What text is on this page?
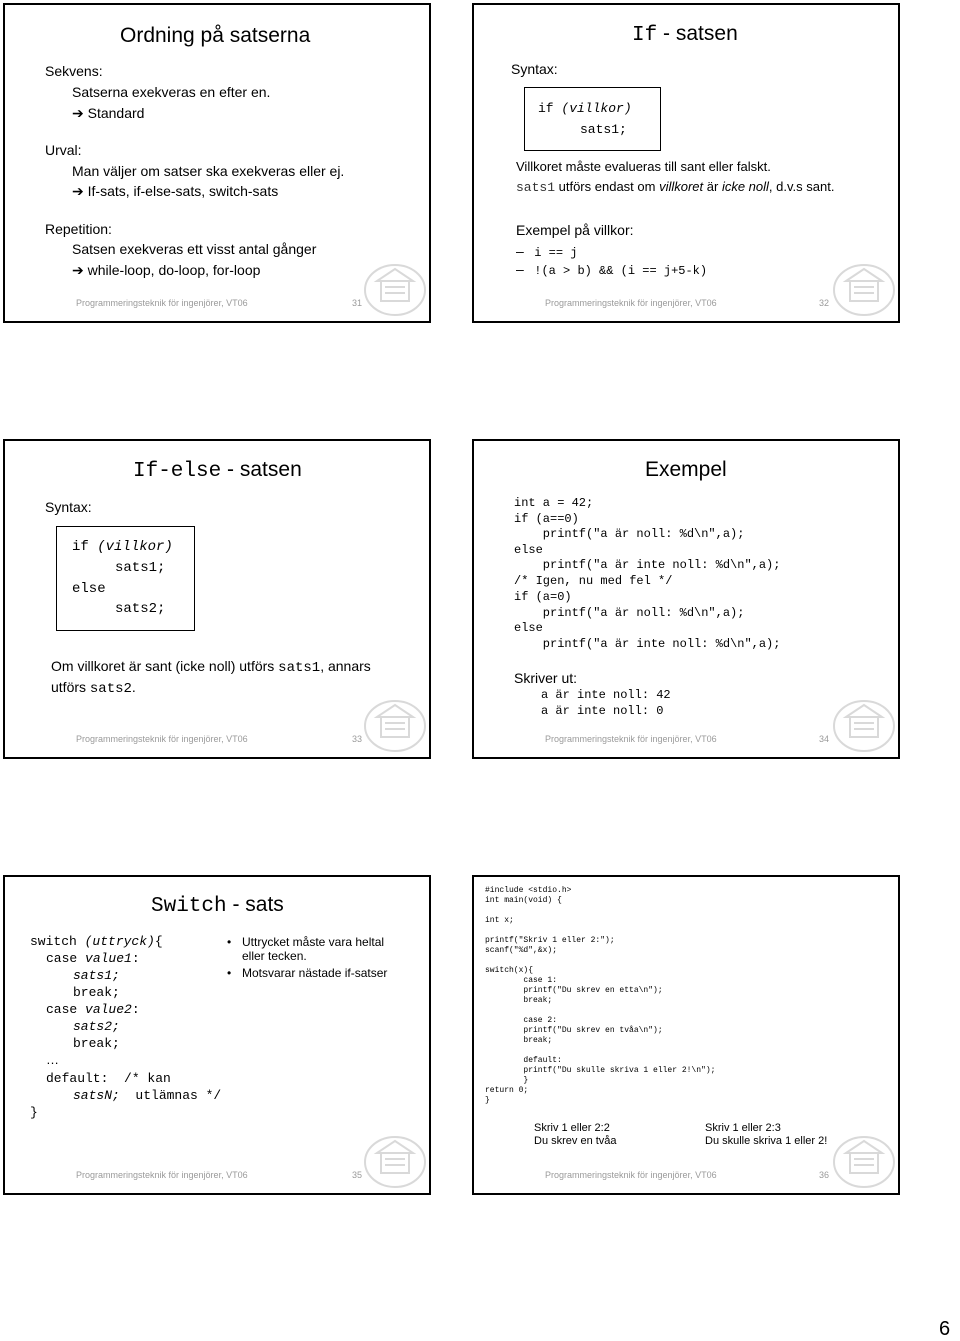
Ordning på satserna
Sekvens:
Satserna exekveras en efter en.
➔ Standard
Urval:
Man väljer om satser ska exekveras eller ej.
➔ If-sats, if-else-sats, switch-sats
Repetition:
Satsen exekveras ett visst antal gånger
➔ while-loop, do-loop, for-loop
Programmeringsteknik för ingenjörer, VT06	31
If - satsen
Syntax:
if (villkor)
sats1;
Villkoret måste evalueras till sant eller falskt.
sats1 utförs endast om villkoret är icke noll, d.v.s sant.
Exempel på villkor:
– i == j
– !(a > b) && (i == j+5-k)
Programmeringsteknik för ingenjörer, VT06	32
If-else - satsen
Syntax:
if (villkor)
sats1;
else
sats2;
Om villkoret är sant (icke noll) utförs sats1, annars
utförs sats2.
Programmeringsteknik för ingenjörer, VT06	33
Exempel
int a = 42;
if (a==0)
printf("a är noll: %d\n",a);
else
printf("a är inte noll: %d\n",a);
/* Igen, nu med fel */
if (a=0)
printf("a är noll: %d\n",a);
else
printf("a är inte noll: %d\n",a);
Skriver ut:
a är inte noll: 42
a är inte noll: 0
Programmeringsteknik för ingenjörer, VT06	34
Switch - sats
switch (uttryck){
case value1:
sats1;
break;
case value2:
sats2;
break;
…
default:  /* kan
satsN;  utlämnas */
}
• Uttrycket måste vara heltal eller tecken.
• Motsvarar nästade if-satser
Programmeringsteknik för ingenjörer, VT06	35
#include <stdio.h>
int main(void) {
int x;
printf("Skriv 1 eller 2:");
scanf("%d",&x);
switch(x){
case 1:
printf("Du skrev en etta\n");
break;
case 2:
printf("Du skrev en tvåa\n");
break;
default:
printf("Du skulle skriva 1 eller 2!\n");
}
return 0;
}
Skriv 1 eller 2:2
Du skrev en tvåa
Skriv 1 eller 2:3
Du skulle skriva 1 eller 2!
Programmeringsteknik för ingenjörer, VT06	36
6
